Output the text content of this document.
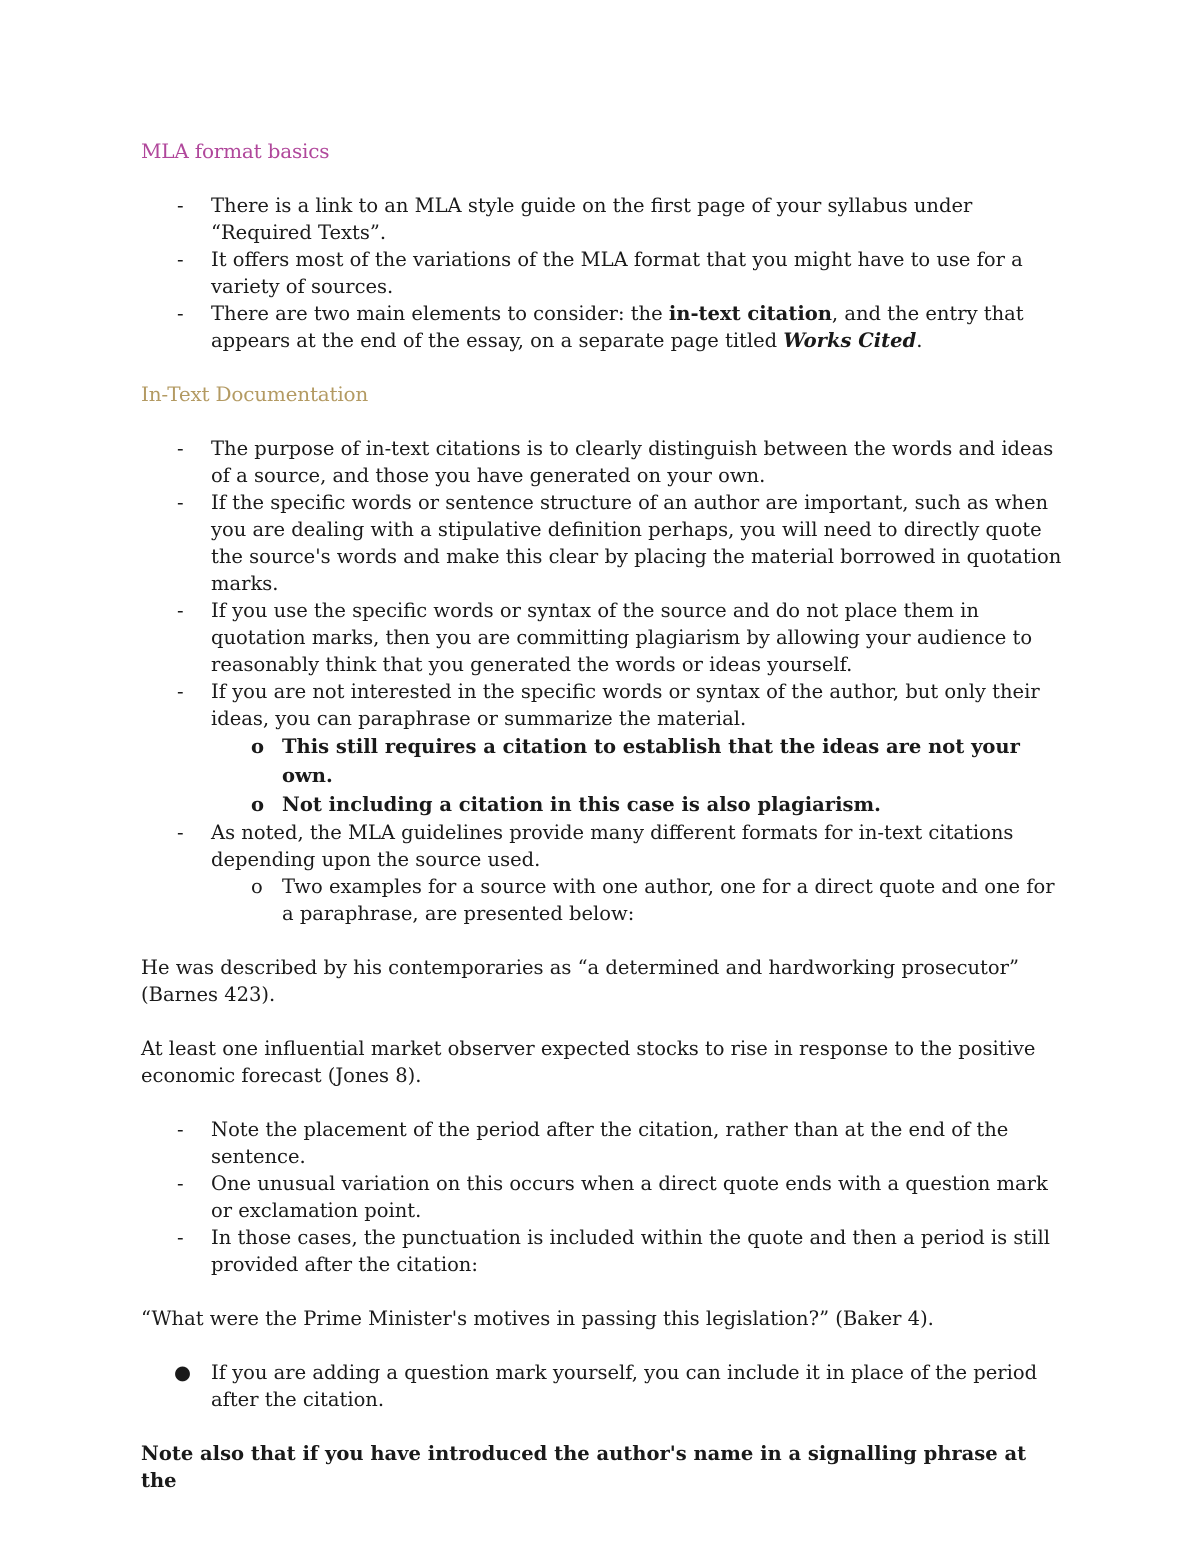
MLA format basics
- There is a link to an MLA style guide on the first page of your syllabus under “Required Texts”.
- It offers most of the variations of the MLA format that you might have to use for a variety of sources.
- There are two main elements to consider: the in-text citation, and the entry that appears at the end of the essay, on a separate page titled Works Cited.
In-Text Documentation
- The purpose of in-text citations is to clearly distinguish between the words and ideas of a source, and those you have generated on your own.
- If the specific words or sentence structure of an author are important, such as when you are dealing with a stipulative definition perhaps, you will need to directly quote the source's words and make this clear by placing the material borrowed in quotation marks.
- If you use the specific words or syntax of the source and do not place them in quotation marks, then you are committing plagiarism by allowing your audience to reasonably think that you generated the words or ideas yourself.
- If you are not interested in the specific words or syntax of the author, but only their ideas, you can paraphrase or summarize the material.
o This still requires a citation to establish that the ideas are not your own.
o Not including a citation in this case is also plagiarism.
- As noted, the MLA guidelines provide many different formats for in-text citations depending upon the source used.
o Two examples for a source with one author, one for a direct quote and one for a paraphrase, are presented below:

He was described by his contemporaries as “a determined and hardworking prosecutor” (Barnes 423).

At least one influential market observer expected stocks to rise in response to the positive economic forecast (Jones 8).

- Note the placement of the period after the citation, rather than at the end of the sentence.
- One unusual variation on this occurs when a direct quote ends with a question mark or exclamation point.
- In those cases, the punctuation is included within the quote and then a period is still provided after the citation:

“What were the Prime Minister's motives in passing this legislation?” (Baker 4).

● If you are adding a question mark yourself, you can include it in place of the period after the citation.

Note also that if you have introduced the author's name in a signalling phrase at the
